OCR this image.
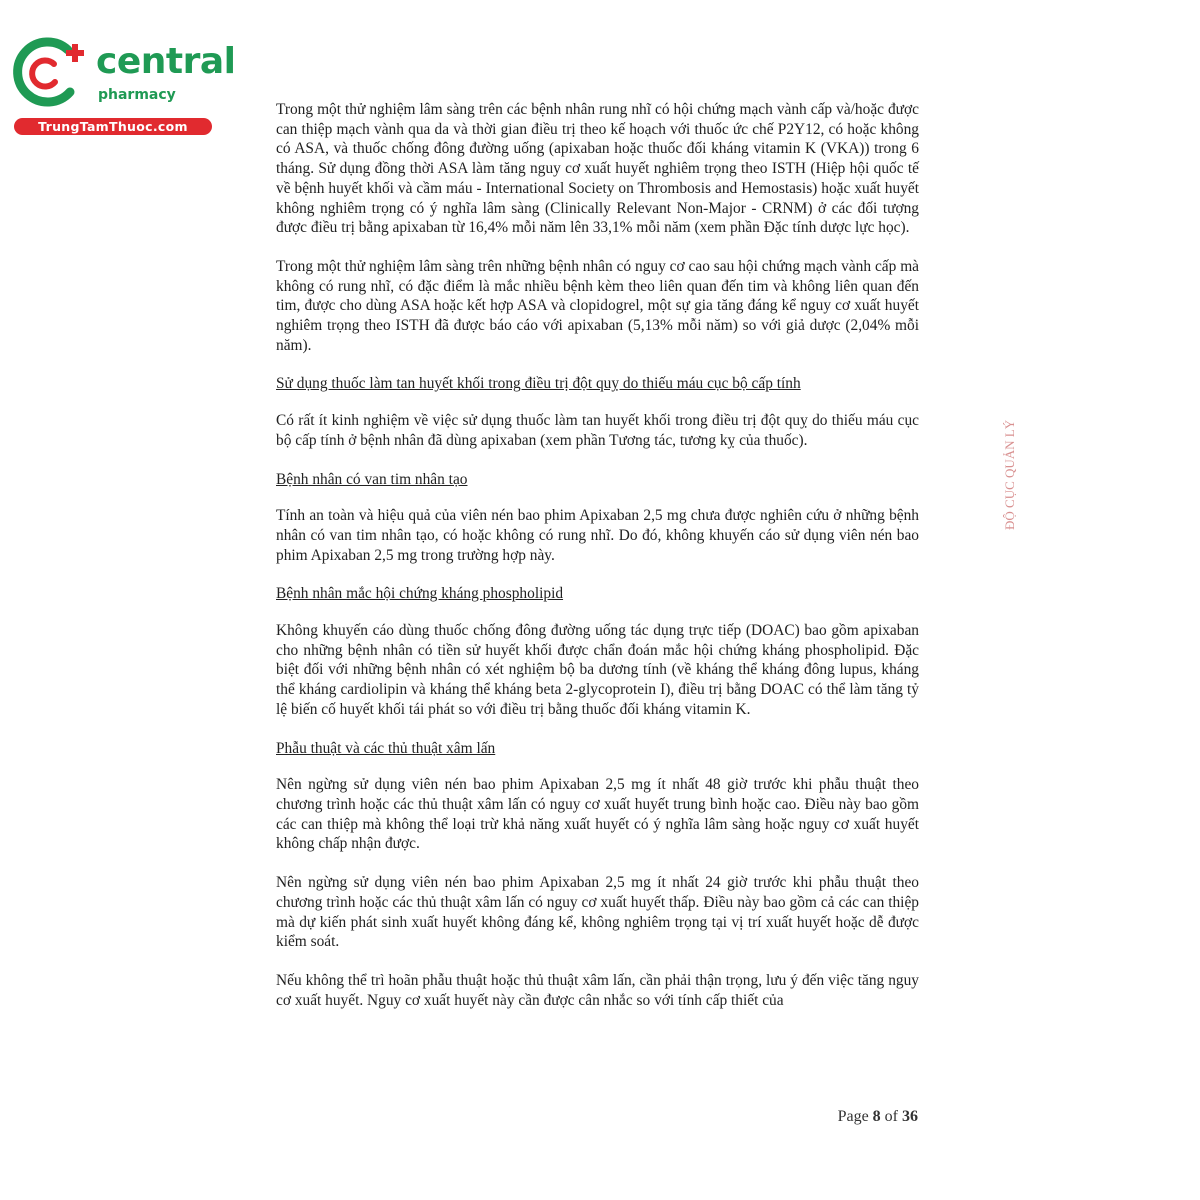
central
pharmacy
TrungTamThuoc.com

Trong một thử nghiệm lâm sàng trên các bệnh nhân rung nhĩ có hội chứng mạch vành cấp và/hoặc được can thiệp mạch vành qua da và thời gian điều trị theo kế hoạch với thuốc ức chế P2Y12, có hoặc không có ASA, và thuốc chống đông đường uống (apixaban hoặc thuốc đối kháng vitamin K (VKA)) trong 6 tháng. Sử dụng đồng thời ASA làm tăng nguy cơ xuất huyết nghiêm trọng theo ISTH (Hiệp hội quốc tế về bệnh huyết khối và cầm máu - International Society on Thrombosis and Hemostasis) hoặc xuất huyết không nghiêm trọng có ý nghĩa lâm sàng (Clinically Relevant Non-Major - CRNM) ở các đối tượng được điều trị bằng apixaban từ 16,4% mỗi năm lên 33,1% mỗi năm (xem phần Đặc tính dược lực học).

Trong một thử nghiệm lâm sàng trên những bệnh nhân có nguy cơ cao sau hội chứng mạch vành cấp mà không có rung nhĩ, có đặc điểm là mắc nhiều bệnh kèm theo liên quan đến tim và không liên quan đến tim, được cho dùng ASA hoặc kết hợp ASA và clopidogrel, một sự gia tăng đáng kể nguy cơ xuất huyết nghiêm trọng theo ISTH đã được báo cáo với apixaban (5,13% mỗi năm) so với giả dược (2,04% mỗi năm).

Sử dụng thuốc làm tan huyết khối trong điều trị đột quỵ do thiếu máu cục bộ cấp tính

Có rất ít kinh nghiệm về việc sử dụng thuốc làm tan huyết khối trong điều trị đột quỵ do thiếu máu cục bộ cấp tính ở bệnh nhân đã dùng apixaban (xem phần Tương tác, tương kỵ của thuốc).

Bệnh nhân có van tim nhân tạo

Tính an toàn và hiệu quả của viên nén bao phim Apixaban 2,5 mg chưa được nghiên cứu ở những bệnh nhân có van tim nhân tạo, có hoặc không có rung nhĩ. Do đó, không khuyến cáo sử dụng viên nén bao phim Apixaban 2,5 mg trong trường hợp này.

Bệnh nhân mắc hội chứng kháng phospholipid

Không khuyến cáo dùng thuốc chống đông đường uống tác dụng trực tiếp (DOAC) bao gồm apixaban cho những bệnh nhân có tiền sử huyết khối được chẩn đoán mắc hội chứng kháng phospholipid. Đặc biệt đối với những bệnh nhân có xét nghiệm bộ ba dương tính (về kháng thể kháng đông lupus, kháng thể kháng cardiolipin và kháng thể kháng beta 2-glycoprotein I), điều trị bằng DOAC có thể làm tăng tỷ lệ biến cố huyết khối tái phát so với điều trị bằng thuốc đối kháng vitamin K.

Phẫu thuật và các thủ thuật xâm lấn

Nên ngừng sử dụng viên nén bao phim Apixaban 2,5 mg ít nhất 48 giờ trước khi phẫu thuật theo chương trình hoặc các thủ thuật xâm lấn có nguy cơ xuất huyết trung bình hoặc cao. Điều này bao gồm các can thiệp mà không thể loại trừ khả năng xuất huyết có ý nghĩa lâm sàng hoặc nguy cơ xuất huyết không chấp nhận được.

Nên ngừng sử dụng viên nén bao phim Apixaban 2,5 mg ít nhất 24 giờ trước khi phẫu thuật theo chương trình hoặc các thủ thuật xâm lấn có nguy cơ xuất huyết thấp. Điều này bao gồm cả các can thiệp mà dự kiến phát sinh xuất huyết không đáng kể, không nghiêm trọng tại vị trí xuất huyết hoặc dễ được kiểm soát.

Nếu không thể trì hoãn phẫu thuật hoặc thủ thuật xâm lấn, cần phải thận trọng, lưu ý đến việc tăng nguy cơ xuất huyết. Nguy cơ xuất huyết này cần được cân nhắc so với tính cấp thiết của

ĐỘ CỤC QUẢN LÝ
Page 8 of 36
